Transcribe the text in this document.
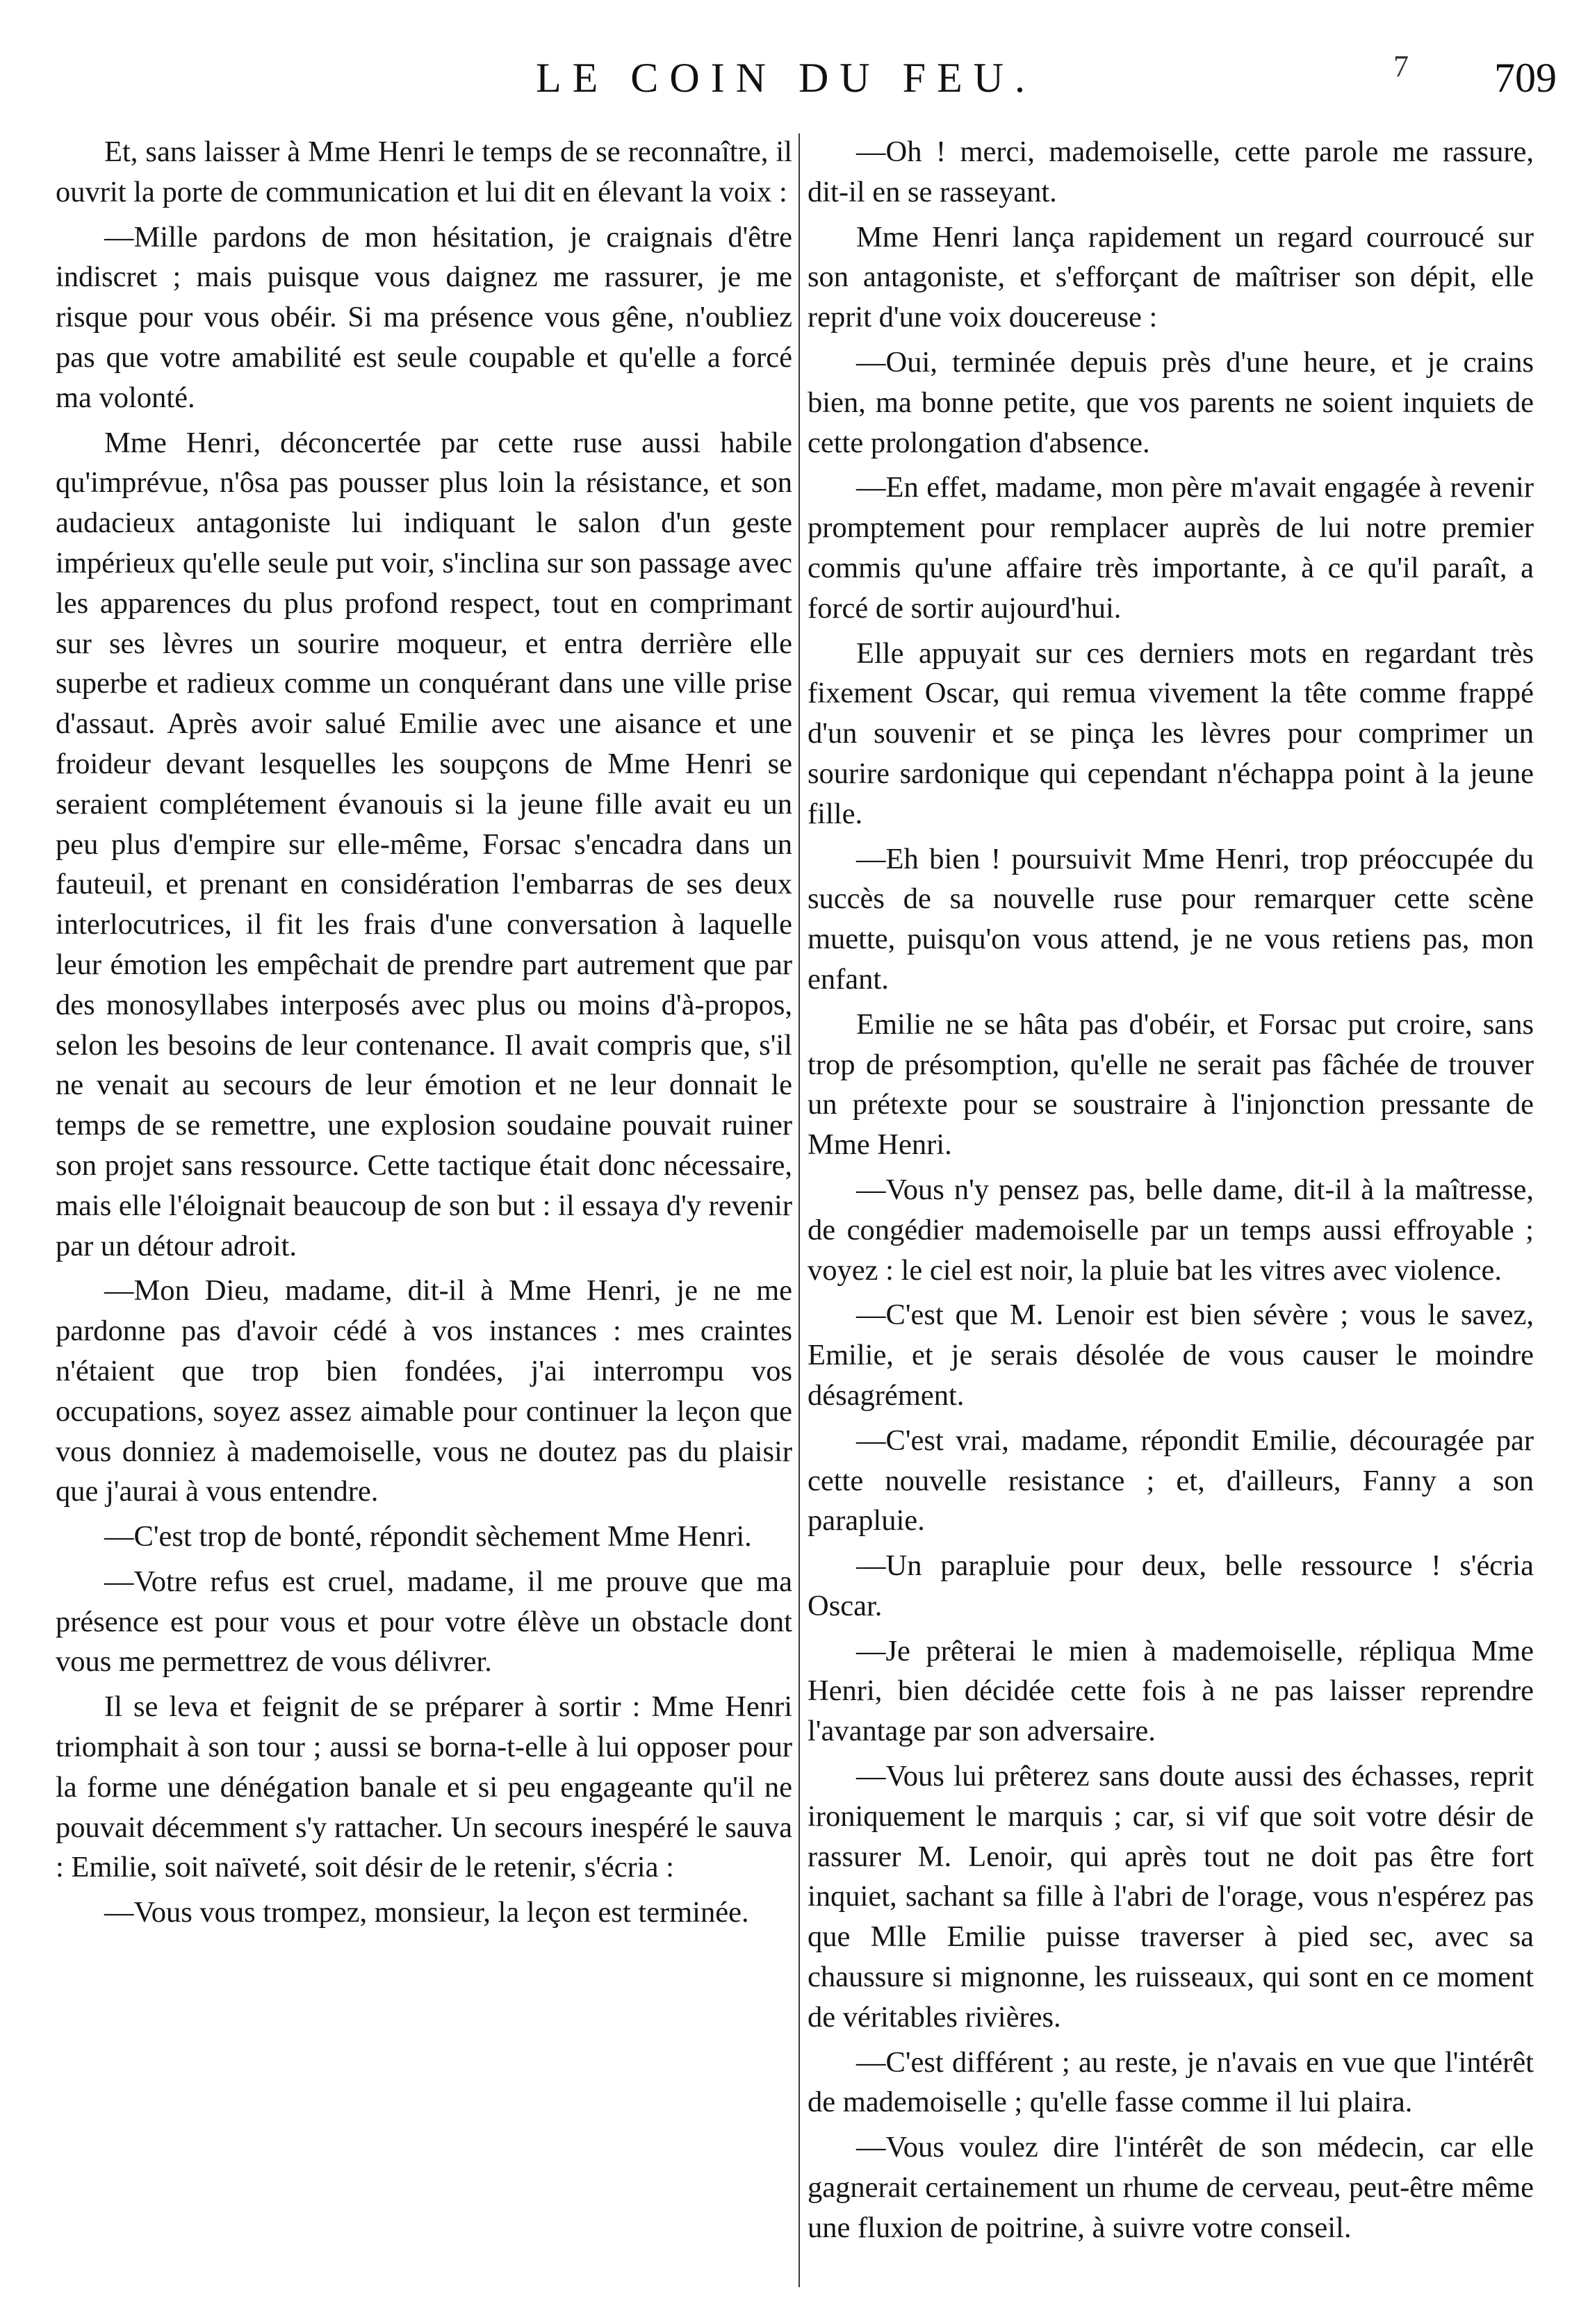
LE COIN DU FEU.	7 709

Et, sans laisser à Mme Henri le temps de se reconnaître, il ouvrit la porte de communication et lui dit en élevant la voix :

—Mille pardons de mon hésitation, je craignais d'être indiscret ; mais puisque vous daignez me rassurer, je me risque pour vous obéir. Si ma présence vous gêne, n'oubliez pas que votre amabilité est seule coupable et qu'elle a forcé ma volonté.

Mme Henri, déconcertée par cette ruse aussi habile qu'imprévue, n'ôsa pas pousser plus loin la résistance, et son audacieux antagoniste lui indiquant le salon d'un geste impérieux qu'elle seule put voir, s'inclina sur son passage avec les apparences du plus profond respect, tout en comprimant sur ses lèvres un sourire moqueur, et entra derrière elle superbe et radieux comme un conquérant dans une ville prise d'assaut. Après avoir salué Emilie avec une aisance et une froideur devant lesquelles les soupçons de Mme Henri se seraient complétement évanouis si la jeune fille avait eu un peu plus d'empire sur elle-même, Forsac s'encadra dans un fauteuil, et prenant en considération l'embarras de ses deux interlocutrices, il fit les frais d'une conversation à laquelle leur émotion les empêchait de prendre part autrement que par des monosyllabes interposés avec plus ou moins d'à-propos, selon les besoins de leur contenance. Il avait compris que, s'il ne venait au secours de leur émotion et ne leur donnait le temps de se remettre, une explosion soudaine pouvait ruiner son projet sans ressource. Cette tactique était donc nécessaire, mais elle l'éloignait beaucoup de son but : il essaya d'y revenir par un détour adroit.

—Mon Dieu, madame, dit-il à Mme Henri, je ne me pardonne pas d'avoir cédé à vos instances : mes craintes n'étaient que trop bien fondées, j'ai interrompu vos occupations, soyez assez aimable pour continuer la leçon que vous donniez à mademoiselle, vous ne doutez pas du plaisir que j'aurai à vous entendre.

—C'est trop de bonté, répondit sèchement Mme Henri.

—Votre refus est cruel, madame, il me prouve que ma présence est pour vous et pour votre élève un obstacle dont vous me permettrez de vous délivrer.

Il se leva et feignit de se préparer à sortir : Mme Henri triomphait à son tour ; aussi se borna-t-elle à lui opposer pour la forme une dénégation banale et si peu engageante qu'il ne pouvait décemment s'y rattacher. Un secours inespéré le sauva : Emilie, soit naïveté, soit désir de le retenir, s'écria :

—Vous vous trompez, monsieur, la leçon est terminée.

—Oh ! merci, mademoiselle, cette parole me rassure, dit-il en se rasseyant.

Mme Henri lança rapidement un regard courroucé sur son antagoniste, et s'efforçant de maîtriser son dépit, elle reprit d'une voix doucereuse :

—Oui, terminée depuis près d'une heure, et je crains bien, ma bonne petite, que vos parents ne soient inquiets de cette prolongation d'absence.

—En effet, madame, mon père m'avait engagée à revenir promptement pour remplacer auprès de lui notre premier commis qu'une affaire très importante, à ce qu'il paraît, a forcé de sortir aujourd'hui.

Elle appuyait sur ces derniers mots en regardant très fixement Oscar, qui remua vivement la tête comme frappé d'un souvenir et se pinça les lèvres pour comprimer un sourire sardonique qui cependant n'échappa point à la jeune fille.

—Eh bien ! poursuivit Mme Henri, trop préoccupée du succès de sa nouvelle ruse pour remarquer cette scène muette, puisqu'on vous attend, je ne vous retiens pas, mon enfant.

Emilie ne se hâta pas d'obéir, et Forsac put croire, sans trop de présomption, qu'elle ne serait pas fâchée de trouver un prétexte pour se soustraire à l'injonction pressante de Mme Henri.

—Vous n'y pensez pas, belle dame, dit-il à la maîtresse, de congédier mademoiselle par un temps aussi effroyable ; voyez : le ciel est noir, la pluie bat les vitres avec violence.

—C'est que M. Lenoir est bien sévère ; vous le savez, Emilie, et je serais désolée de vous causer le moindre désagrément.

—C'est vrai, madame, répondit Emilie, découragée par cette nouvelle resistance ; et, d'ailleurs, Fanny a son parapluie.

—Un parapluie pour deux, belle ressource ! s'écria Oscar.

—Je prêterai le mien à mademoiselle, répliqua Mme Henri, bien décidée cette fois à ne pas laisser reprendre l'avantage par son adversaire.

—Vous lui prêterez sans doute aussi des échasses, reprit ironiquement le marquis ; car, si vif que soit votre désir de rassurer M. Lenoir, qui après tout ne doit pas être fort inquiet, sachant sa fille à l'abri de l'orage, vous n'espérez pas que Mlle Emilie puisse traverser à pied sec, avec sa chaussure si mignonne, les ruisseaux, qui sont en ce moment de véritables rivières.

—C'est différent ; au reste, je n'avais en vue que l'intérêt de mademoiselle ; qu'elle fasse comme il lui plaira.

—Vous voulez dire l'intérêt de son médecin, car elle gagnerait certainement un rhume de cerveau, peut-être même une fluxion de poitrine, à suivre votre conseil.
